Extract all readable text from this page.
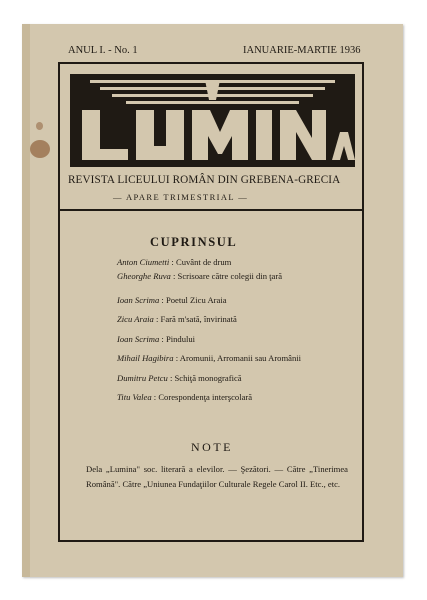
ANUL I. - No. 1	IANUARIE-MARTIE 1936
REVISTA LICEULUI ROMÂN DIN GREBENA-GRECIA
— APARE TRIMESTRIAL —
CUPRINSUL
Anton Ciumetti : Cuvânt de drum
Gheorghe Ruva : Scrisoare către colegii din ţară
Ioan Scrima : Poetul Zicu Araia
Zicu Araia : Fară m'sată, învirinată
Ioan Scrima : Pindului
Mihail Hagibira : Aromunii, Arromanii sau Aromânii
Dumitru Petcu : Schiţă monografică
Titu Valea : Corespondenţa interşcolară
NOTE
Dela „Lumina" soc. literară a elevilor. — Şezători. — Către „Tinerimea Română". Către „Uniunea Fundaţiilor Culturale Regele Carol II. Etc., etc.
